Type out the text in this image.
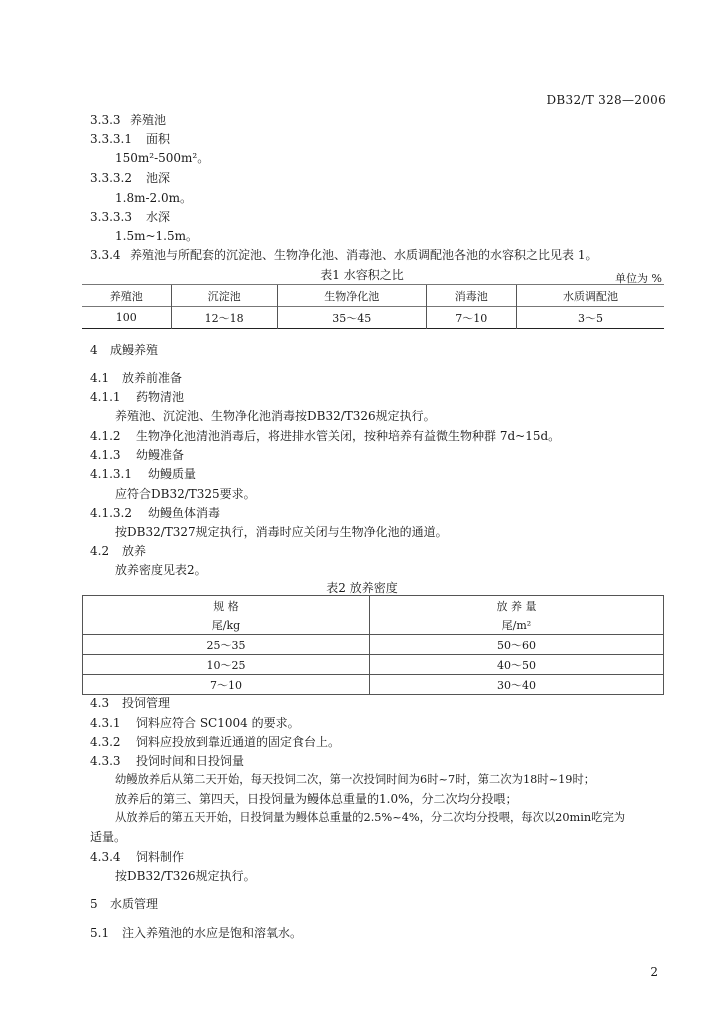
DB32/T 328—2006
3.3.3 养殖池
3.3.3.1 面积
150m²-500m²。
3.3.3.2 池深
1.8m-2.0m。
3.3.3.3 水深
1.5m~1.5m。
3.3.4 养殖池与所配套的沉淀池、生物净化池、消毒池、水质调配池各池的水容积之比见表 1。
表1 水容积之比	单位为 %
养殖池	沉淀池	生物净化池	消毒池	水质调配池
100	12～18	35～45	7～10	3～5
4 成鳗养殖
4.1 放养前准备
4.1.1 药物清池
养殖池、沉淀池、生物净化池消毒按DB32/T326规定执行。
4.1.2 生物净化池清池消毒后，将进排水管关闭，按种培养有益微生物种群 7d~15d。
4.1.3 幼鳗准备
4.1.3.1 幼鳗质量
应符合DB32/T325要求。
4.1.3.2 幼鳗鱼体消毒
按DB32/T327规定执行，消毒时应关闭与生物净化池的通道。
4.2 放养
放养密度见表2。
表2 放养密度
规 格	放 养 量
尾/kg	尾/m²
25～35	50～60
10～25	40～50
7～10	30～40
4.3 投饲管理
4.3.1 饲料应符合 SC1004 的要求。
4.3.2 饲料应投放到靠近通道的固定食台上。
4.3.3 投饲时间和日投饲量
幼鳗放养后从第二天开始，每天投饲二次，第一次投饲时间为6时~7时，第二次为18时~19时；
放养后的第三、第四天，日投饲量为鳗体总重量的1.0%，分二次均分投喂；
从放养后的第五天开始，日投饲量为鳗体总重量的2.5%~4%，分二次均分投喂，每次以20min吃完为
适量。
4.3.4 饲料制作
按DB32/T326规定执行。
5 水质管理
5.1 注入养殖池的水应是饱和溶氧水。
2
